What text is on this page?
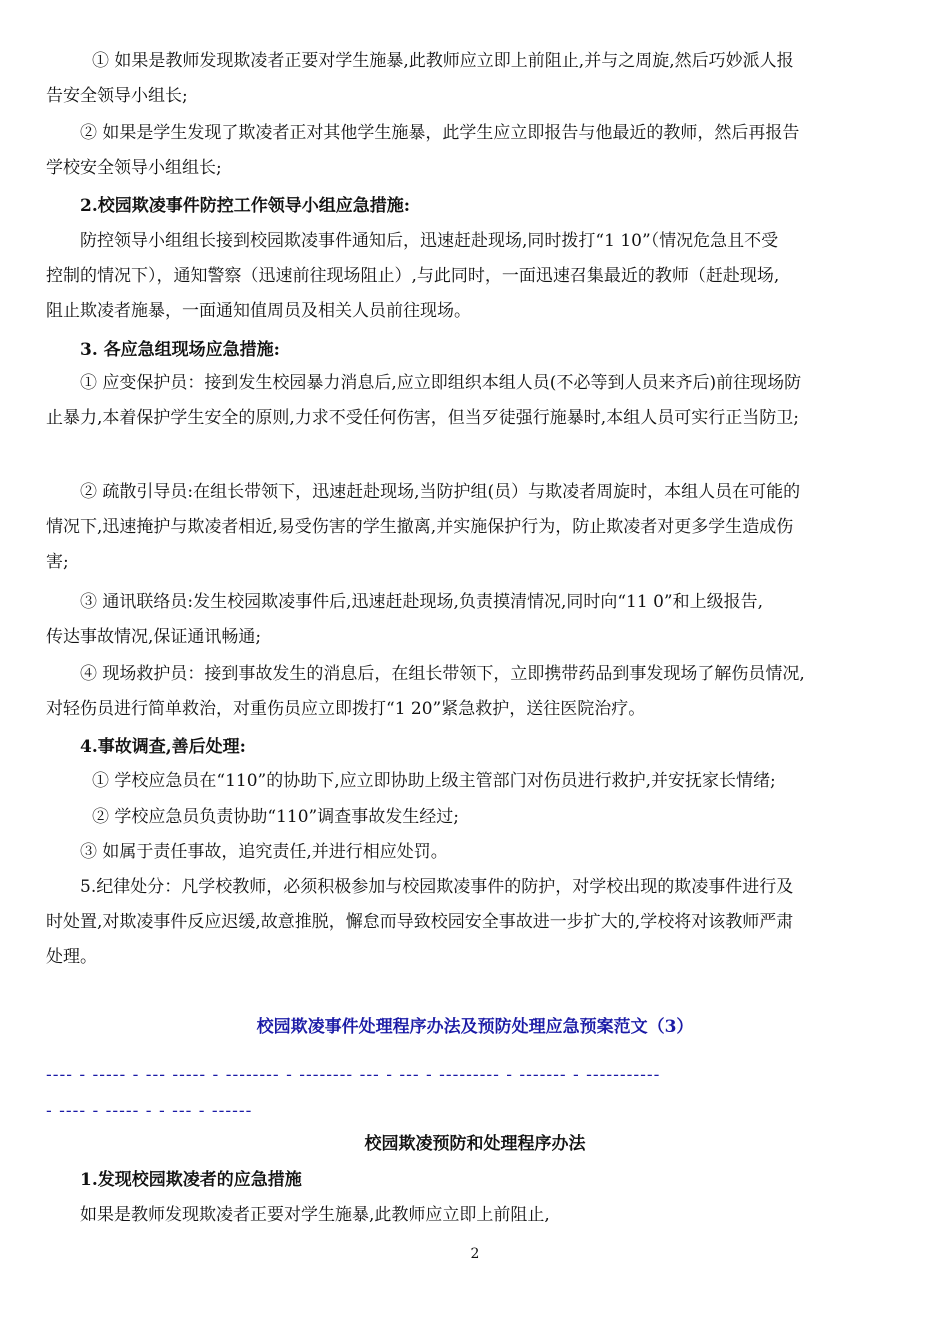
① 如果是教师发现欺凌者正要对学生施暴,此教师应立即上前阻止,并与之周旋,然后巧妙派人报
告安全领导小组长;
② 如果是学生发现了欺凌者正对其他学生施暴，此学生应立即报告与他最近的教师，然后再报告
学校安全领导小组组长;
2.校园欺凌事件防控工作领导小组应急措施:
防控领导小组组长接到校园欺凌事件通知后，迅速赶赴现场,同时拨打“1 10”（情况危急且不受
控制的情况下），通知警察（迅速前往现场阻止）,与此同时，一面迅速召集最近的教师（赶赴现场,
阻止欺凌者施暴，一面通知值周员及相关人员前往现场。
3. 各应急组现场应急措施:
① 应变保护员：接到发生校园暴力消息后,应立即组织本组人员(不必等到人员来齐后)前往现场防
止暴力,本着保护学生安全的原则,力求不受任何伤害，但当歹徒强行施暴时,本组人员可实行正当防卫;
② 疏散引导员:在组长带领下，迅速赶赴现场,当防护组(员）与欺凌者周旋时，本组人员在可能的
情况下,迅速掩护与欺凌者相近,易受伤害的学生撤离,并实施保护行为，防止欺凌者对更多学生造成伤
害;
③ 通讯联络员:发生校园欺凌事件后,迅速赶赴现场,负责摸清情况,同时向“11 0”和上级报告,
传达事故情况,保证通讯畅通;
④ 现场救护员：接到事故发生的消息后，在组长带领下，立即携带药品到事发现场了解伤员情况,
对轻伤员进行简单救治，对重伤员应立即拨打“1 20”紧急救护，送往医院治疗。
4.事故调查,善后处理:
① 学校应急员在“110”的协助下,应立即协助上级主管部门对伤员进行救护,并安抚家长情绪;
② 学校应急员负责协助“110”调查事故发生经过;
③ 如属于责任事故，追究责任,并进行相应处罚。
5.纪律处分：凡学校教师，必须积极参加与校园欺凌事件的防护，对学校出现的欺凌事件进行及
时处置,对欺凌事件反应迟缓,故意推脱，懈怠而导致校园安全事故进一步扩大的,学校将对该教师严肃
处理。
校园欺凌事件处理程序办法及预防处理应急预案范文（3）
---- - ----- - --- ----- - -------- - -------- --- - --- - --------- - ------- - -----------
- ---- - ----- - - --- - ------
校园欺凌预防和处理程序办法
1.发现校园欺凌者的应急措施
如果是教师发现欺凌者正要对学生施暴,此教师应立即上前阻止,
2
